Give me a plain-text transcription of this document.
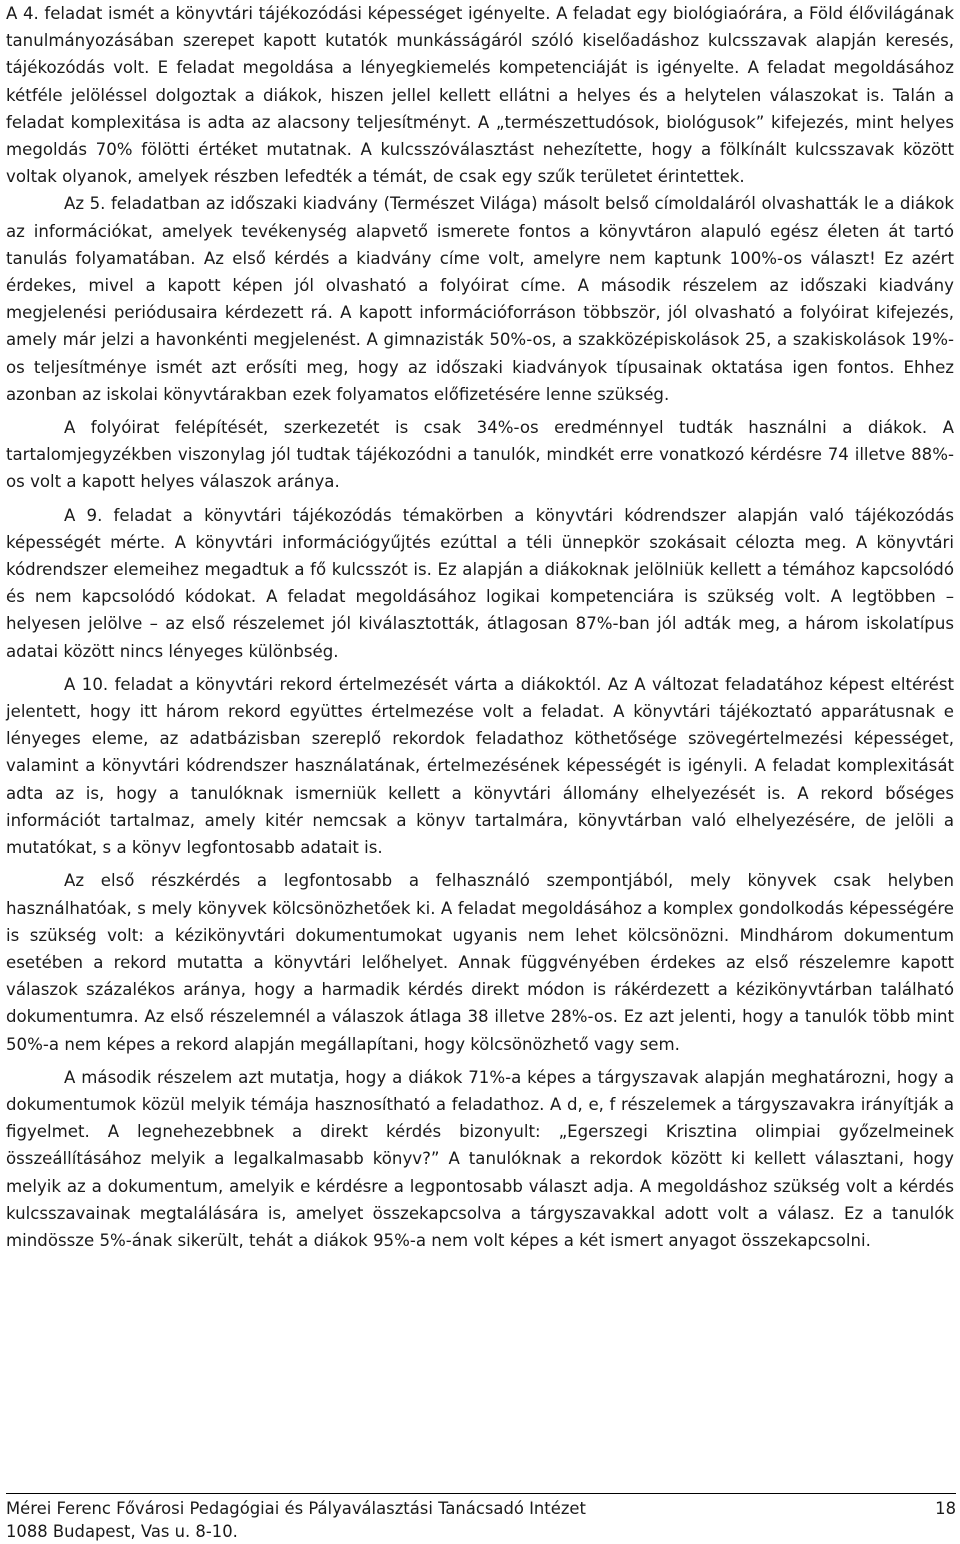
A 4. feladat ismét a könyvtári tájékozódási képességet igényelte. A feladat egy biológiaórára, a Föld élővilágának tanulmányozásában szerepet kapott kutatók munkásságáról szóló kiselőadáshoz kulcsszavak alapján keresés, tájékozódás volt. E feladat megoldása a lényegkiemelés kompetenciáját is igényelte. A feladat megoldásához kétféle jelöléssel dolgoztak a diákok, hiszen jellel kellett ellátni a helyes és a helytelen válaszokat is. Talán a feladat komplexitása is adta az alacsony teljesítményt. A „természettudósok, biológusok” kifejezés, mint helyes megoldás 70% fölötti értéket mutatnak. A kulcsszóválasztást nehezítette, hogy a fölkínált kulcsszavak között voltak olyanok, amelyek részben lefedték a témát, de csak egy szűk területet érintettek.

Az 5. feladatban az időszaki kiadvány (Természet Világa) másolt belső címoldaláról olvashatták le a diákok az információkat, amelyek tevékenység alapvető ismerete fontos a könyvtáron alapuló egész életen át tartó tanulás folyamatában. Az első kérdés a kiadvány címe volt, amelyre nem kaptunk 100%-os választ! Ez azért érdekes, mivel a kapott képen jól olvasható a folyóirat címe. A második részelem az időszaki kiadvány megjelenési periódusaira kérdezett rá. A kapott információforráson többször, jól olvasható a folyóirat kifejezés, amely már jelzi a havonkénti megjelenést. A gimnazisták 50%-os, a szakközépiskolások 25, a szakiskolások 19%-os teljesítménye ismét azt erősíti meg, hogy az időszaki kiadványok típusainak oktatása igen fontos. Ehhez azonban az iskolai könyvtárakban ezek folyamatos előfizetésére lenne szükség.

A folyóirat felépítését, szerkezetét is csak 34%-os eredménnyel tudták használni a diákok. A tartalomjegyzékben viszonylag jól tudtak tájékozódni a tanulók, mindkét erre vonatkozó kérdésre 74 illetve 88%-os volt a kapott helyes válaszok aránya.

A 9. feladat a könyvtári tájékozódás témakörben a könyvtári kódrendszer alapján való tájékozódás képességét mérte. A könyvtári információgyűjtés ezúttal a téli ünnepkör szokásait célozta meg. A könyvtári kódrendszer elemeihez megadtuk a fő kulcsszót is. Ez alapján a diákoknak jelölniük kellett a témához kapcsolódó és nem kapcsolódó kódokat. A feladat megoldásához logikai kompetenciára is szükség volt. A legtöbben – helyesen jelölve – az első részelemet jól kiválasztották, átlagosan 87%-ban jól adták meg, a három iskolatípus adatai között nincs lényeges különbség.

A 10. feladat a könyvtári rekord értelmezését várta a diákoktól. Az A változat feladatához képest eltérést jelentett, hogy itt három rekord együttes értelmezése volt a feladat. A könyvtári tájékoztató apparátusnak e lényeges eleme, az adatbázisban szereplő rekordok feladathoz köthetősége szövegértelmezési képességet, valamint a könyvtári kódrendszer használatának, értelmezésének képességét is igényli. A feladat komplexitását adta az is, hogy a tanulóknak ismerniük kellett a könyvtári állomány elhelyezését is. A rekord bőséges információt tartalmaz, amely kitér nemcsak a könyv tartalmára, könyvtárban való elhelyezésére, de jelöli a mutatókat, s a könyv legfontosabb adatait is.

Az első részkérdés a legfontosabb a felhasználó szempontjából, mely könyvek csak helyben használhatóak, s mely könyvek kölcsönözhetőek ki. A feladat megoldásához a komplex gondolkodás képességére is szükség volt: a kézikönyvtári dokumentumokat ugyanis nem lehet kölcsönözni. Mindhárom dokumentum esetében a rekord mutatta a könyvtári lelőhelyet. Annak függvényében érdekes az első részelemre kapott válaszok százalékos aránya, hogy a harmadik kérdés direkt módon is rákérdezett a kézikönyvtárban található dokumentumra. Az első részelemnél a válaszok átlaga 38 illetve 28%-os. Ez azt jelenti, hogy a tanulók több mint 50%-a nem képes a rekord alapján megállapítani, hogy kölcsönözhető vagy sem.

A második részelem azt mutatja, hogy a diákok 71%-a képes a tárgyszavak alapján meghatározni, hogy a dokumentumok közül melyik témája hasznosítható a feladathoz. A d, e, f részelemek a tárgyszavakra irányítják a figyelmet. A legnehezebbnek a direkt kérdés bizonyult: „Egerszegi Krisztina olimpiai győzelmeinek összeállításához melyik a legalkalmasabb könyv?” A tanulóknak a rekordok között ki kellett választani, hogy melyik az a dokumentum, amelyik e kérdésre a legpontosabb választ adja. A megoldáshoz szükség volt a kérdés kulcsszavainak megtalálására is, amelyet összekapcsolva a tárgyszavakkal adott volt a válasz. Ez a tanulók mindössze 5%-ának sikerült, tehát a diákok 95%-a nem volt képes a két ismert anyagot összekapcsolni.

Mérei Ferenc Fővárosi Pedagógiai és Pályaválasztási Tanácsadó Intézet	18
1088 Budapest, Vas u. 8-10.
